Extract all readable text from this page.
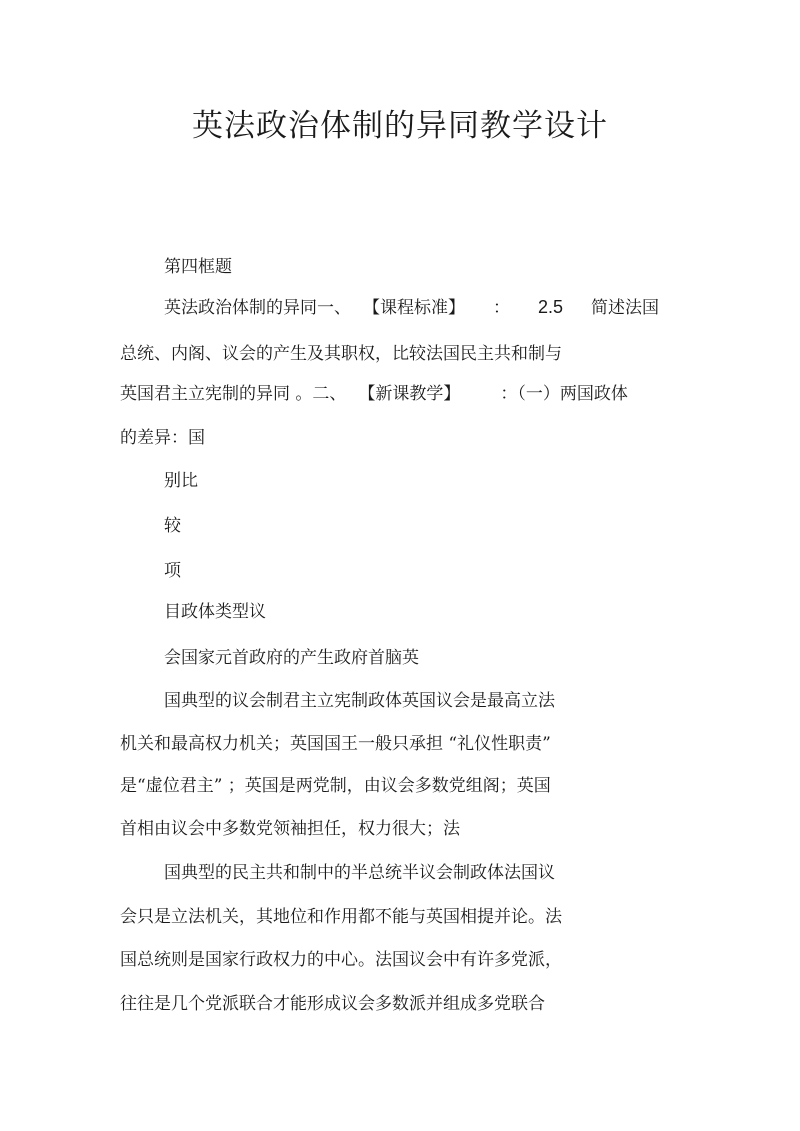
英法政治体制的异同教学设计
第四框题
英法政治体制的异同一、 【课程标准】 ： 2.5 简述法国
总统、内阁、议会的产生及其职权，比较法国民主共和制与
英国君主立宪制的异同 。二、 【新课教学】 ：（一）两国政体
的差异：国
别比
较
项
目政体类型议
会国家元首政府的产生政府首脑英
国典型的议会制君主立宪制政体英国议会是最高立法
机关和最高权力机关；英国国王一般只承担 “礼仪性职责”
是“虚位君主” ；英国是两党制，由议会多数党组阁；英国
首相由议会中多数党领袖担任，权力很大；法
国典型的民主共和制中的半总统半议会制政体法国议
会只是立法机关，其地位和作用都不能与英国相提并论。法
国总统则是国家行政权力的中心。法国议会中有许多党派，
往往是几个党派联合才能形成议会多数派并组成多党联合
